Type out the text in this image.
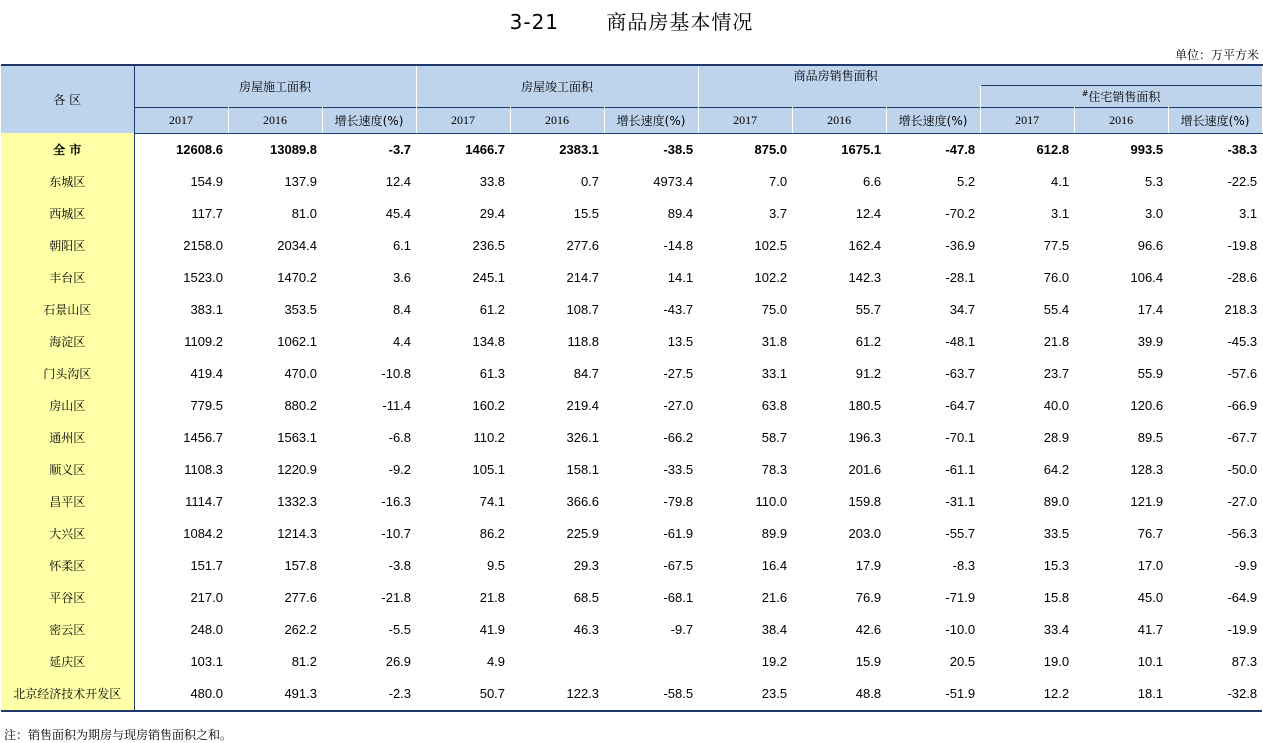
3-21 商品房基本情况
单位：万平方米
各 区	房屋施工面积			房屋竣工面积			商品房销售面积					
										#住宅销售面积		
	2017	2016	增长速度(%)	2017	2016	增长速度(%)	2017	2016	增长速度(%)	2017	2016	增长速度(%)
全 市	12608.6	13089.8	-3.7	1466.7	2383.1	-38.5	875.0	1675.1	-47.8	612.8	993.5	-38.3
东城区	154.9	137.9	12.4	33.8	0.7	4973.4	7.0	6.6	5.2	4.1	5.3	-22.5
西城区	117.7	81.0	45.4	29.4	15.5	89.4	3.7	12.4	-70.2	3.1	3.0	3.1
朝阳区	2158.0	2034.4	6.1	236.5	277.6	-14.8	102.5	162.4	-36.9	77.5	96.6	-19.8
丰台区	1523.0	1470.2	3.6	245.1	214.7	14.1	102.2	142.3	-28.1	76.0	106.4	-28.6
石景山区	383.1	353.5	8.4	61.2	108.7	-43.7	75.0	55.7	34.7	55.4	17.4	218.3
海淀区	1109.2	1062.1	4.4	134.8	118.8	13.5	31.8	61.2	-48.1	21.8	39.9	-45.3
门头沟区	419.4	470.0	-10.8	61.3	84.7	-27.5	33.1	91.2	-63.7	23.7	55.9	-57.6
房山区	779.5	880.2	-11.4	160.2	219.4	-27.0	63.8	180.5	-64.7	40.0	120.6	-66.9
通州区	1456.7	1563.1	-6.8	110.2	326.1	-66.2	58.7	196.3	-70.1	28.9	89.5	-67.7
顺义区	1108.3	1220.9	-9.2	105.1	158.1	-33.5	78.3	201.6	-61.1	64.2	128.3	-50.0
昌平区	1114.7	1332.3	-16.3	74.1	366.6	-79.8	110.0	159.8	-31.1	89.0	121.9	-27.0
大兴区	1084.2	1214.3	-10.7	86.2	225.9	-61.9	89.9	203.0	-55.7	33.5	76.7	-56.3
怀柔区	151.7	157.8	-3.8	9.5	29.3	-67.5	16.4	17.9	-8.3	15.3	17.0	-9.9
平谷区	217.0	277.6	-21.8	21.8	68.5	-68.1	21.6	76.9	-71.9	15.8	45.0	-64.9
密云区	248.0	262.2	-5.5	41.9	46.3	-9.7	38.4	42.6	-10.0	33.4	41.7	-19.9
延庆区	103.1	81.2	26.9	4.9			19.2	15.9	20.5	19.0	10.1	87.3
北京经济技术开发区	480.0	491.3	-2.3	50.7	122.3	-58.5	23.5	48.8	-51.9	12.2	18.1	-32.8
注：销售面积为期房与现房销售面积之和。
